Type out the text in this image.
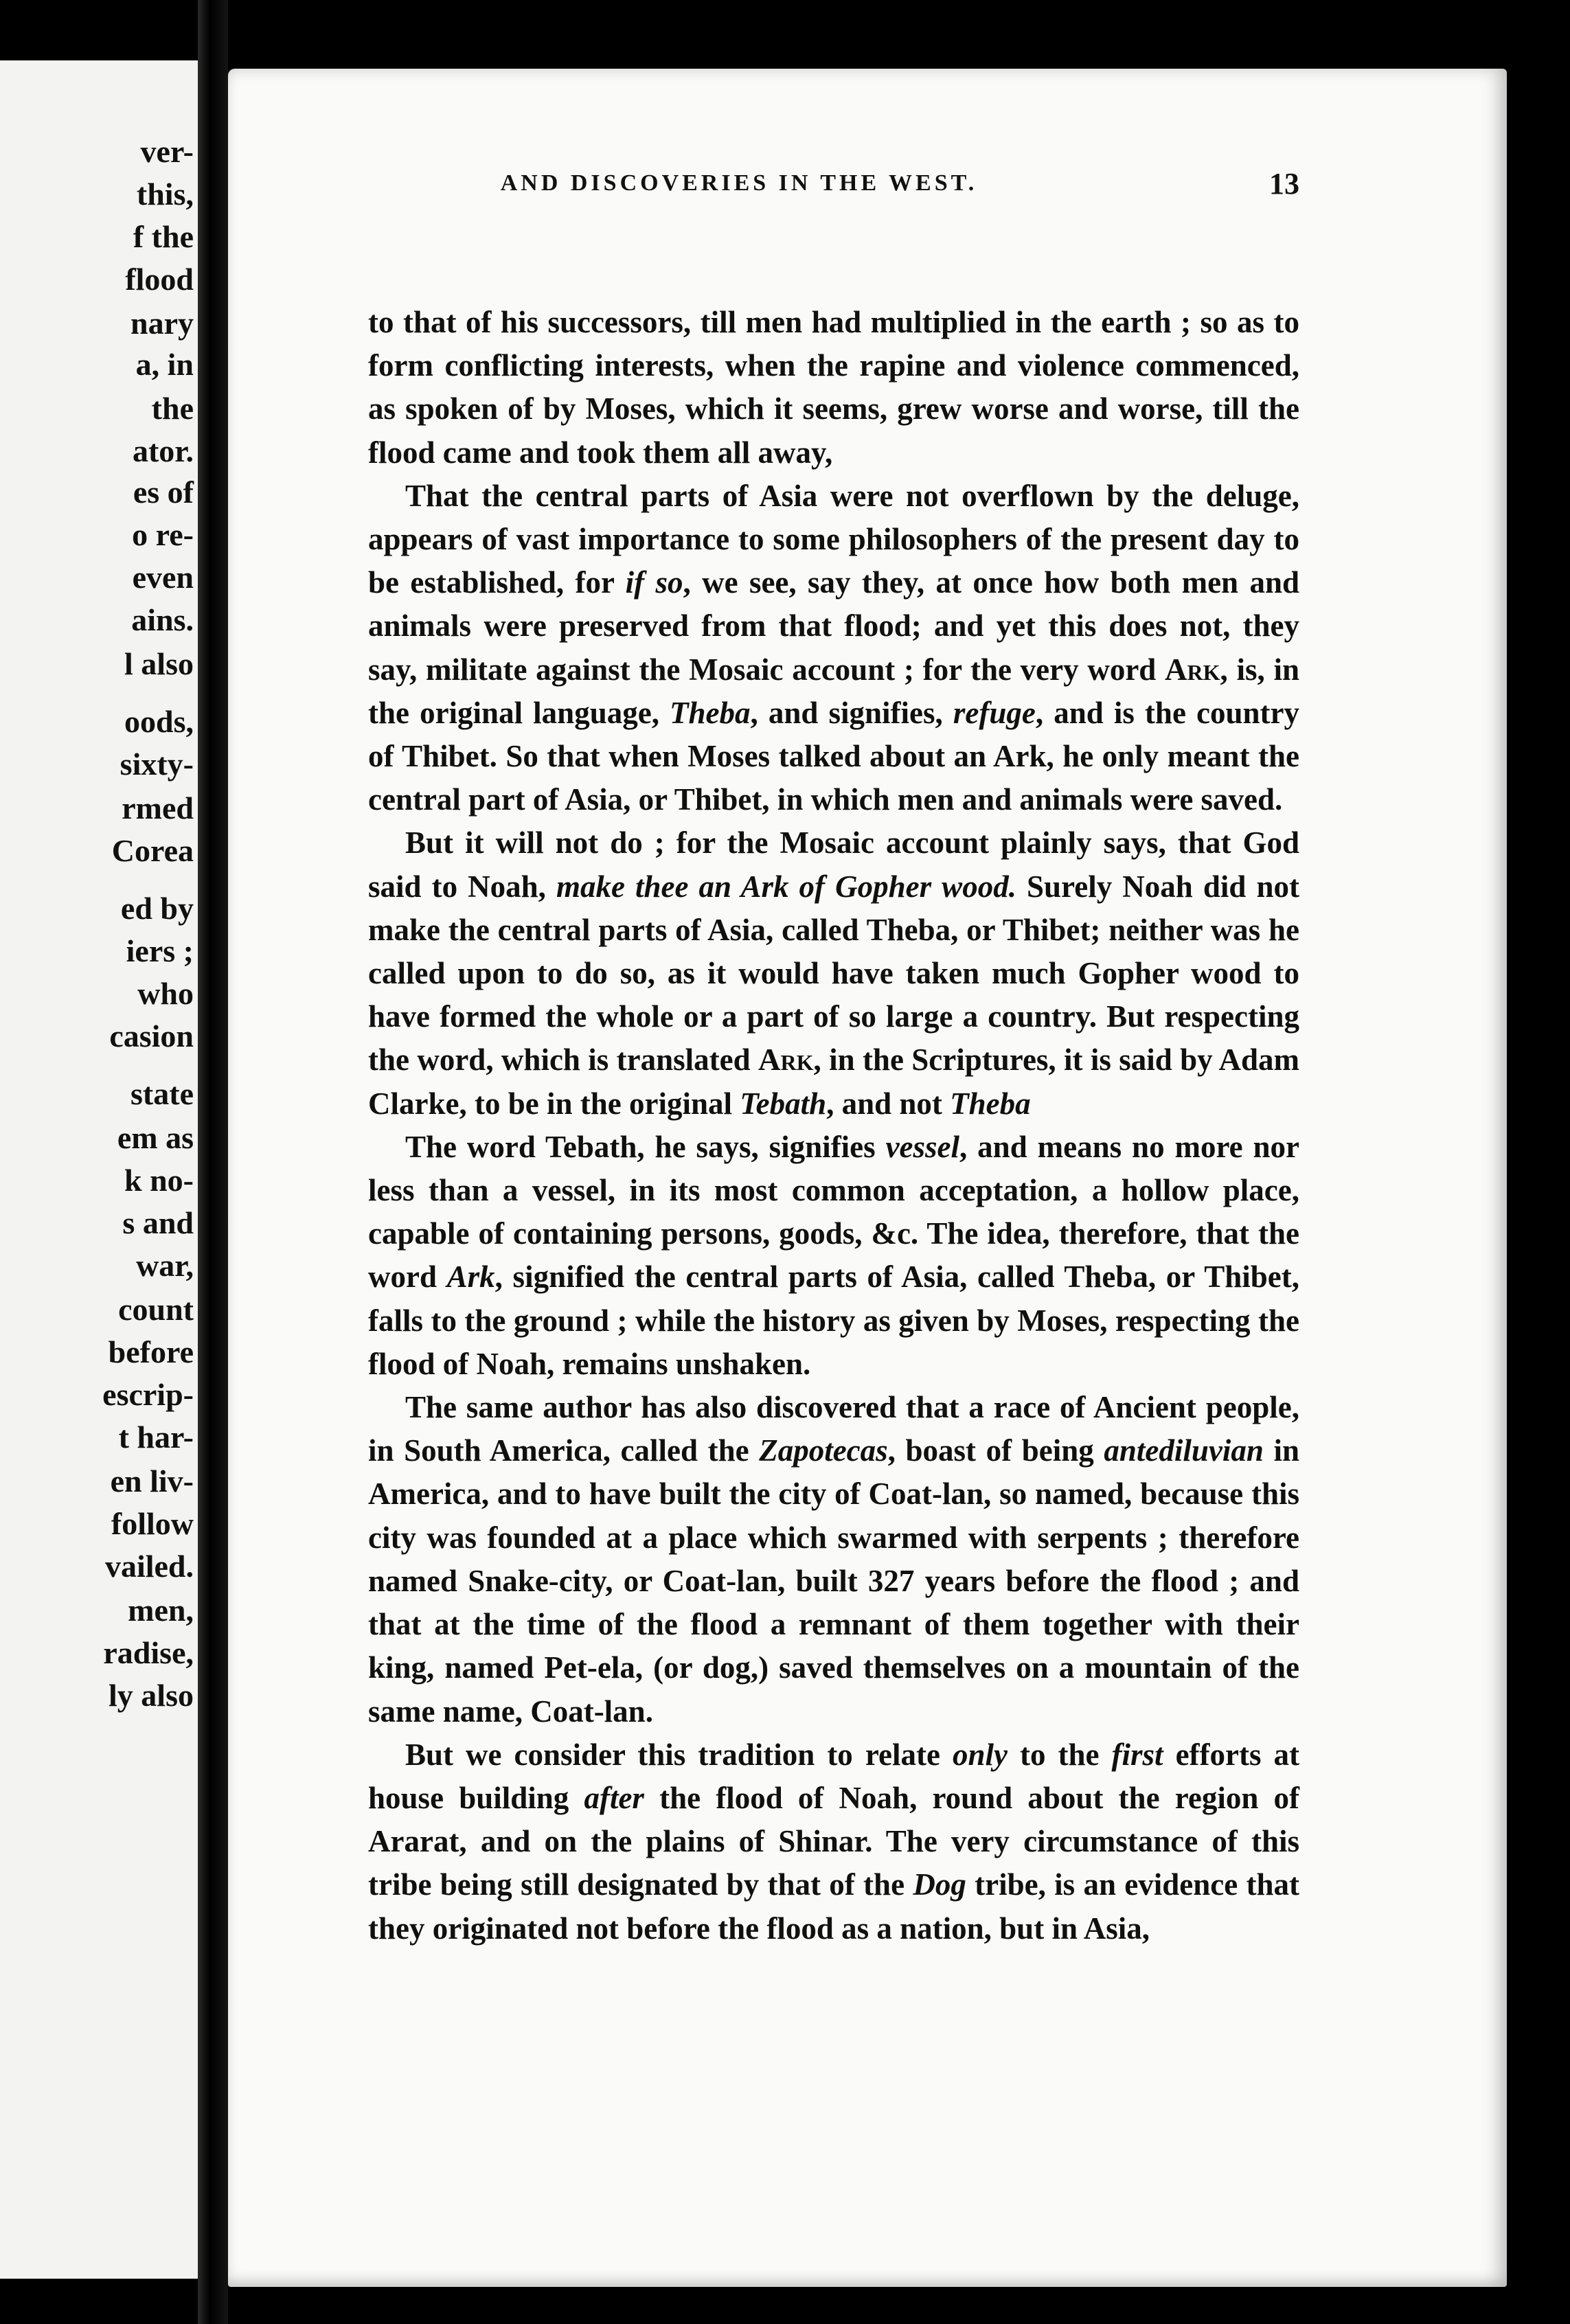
ver-

this,

f the

flood

nary

a, in

the

ator.

es of

o re-

even

ains.

l also

oods,

sixty-

rmed

Corea

ed by

iers ;

who

casion

state

em as

k no-

s and

war,

count

before

escrip-

t har-

en liv-

follow

vailed.

men,

radise,

ly also

AND DISCOVERIES IN THE WEST.	13

to that of his successors, till men had multiplied in the earth ; so as to form conflicting interests, when the rapine and violence commenced, as spoken of by Moses, which it seems, grew worse and worse, till the flood came and took them all away,

That the central parts of Asia were not overflown by the deluge, appears of vast importance to some philosophers of the present day to be established, for if so, we see, say they, at once how both men and animals were preserved from that flood; and yet this does not, they say, militate against the Mosaic account ; for the very word Ark, is, in the original language, Theba, and signifies, refuge, and is the country of Thibet. So that when Moses talked about an Ark, he only meant the central part of Asia, or Thibet, in which men and animals were saved.

But it will not do ; for the Mosaic account plainly says, that God said to Noah, make thee an Ark of Gopher wood. Surely Noah did not make the central parts of Asia, called Theba, or Thibet; neither was he called upon to do so, as it would have taken much Gopher wood to have formed the whole or a part of so large a country. But respecting the word, which is translated Ark, in the Scriptures, it is said by Adam Clarke, to be in the original Tebath, and not Theba

The word Tebath, he says, signifies vessel, and means no more nor less than a vessel, in its most common acceptation, a hollow place, capable of containing persons, goods, &c. The idea, therefore, that the word Ark, signified the central parts of Asia, called Theba, or Thibet, falls to the ground ; while the history as given by Moses, respecting the flood of Noah, remains unshaken.

The same author has also discovered that a race of Ancient people, in South America, called the Zapotecas, boast of being antediluvian in America, and to have built the city of Coat-lan, so named, because this city was founded at a place which swarmed with serpents ; therefore named Snake-city, or Coat-lan, built 327 years before the flood ; and that at the time of the flood a remnant of them together with their king, named Pet-ela, (or dog,) saved themselves on a mountain of the same name, Coat-lan.

But we consider this tradition to relate only to the first efforts at house building after the flood of Noah, round about the region of Ararat, and on the plains of Shinar. The very circumstance of this tribe being still designated by that of the Dog tribe, is an evidence that they originated not before the flood as a nation, but in Asia,
